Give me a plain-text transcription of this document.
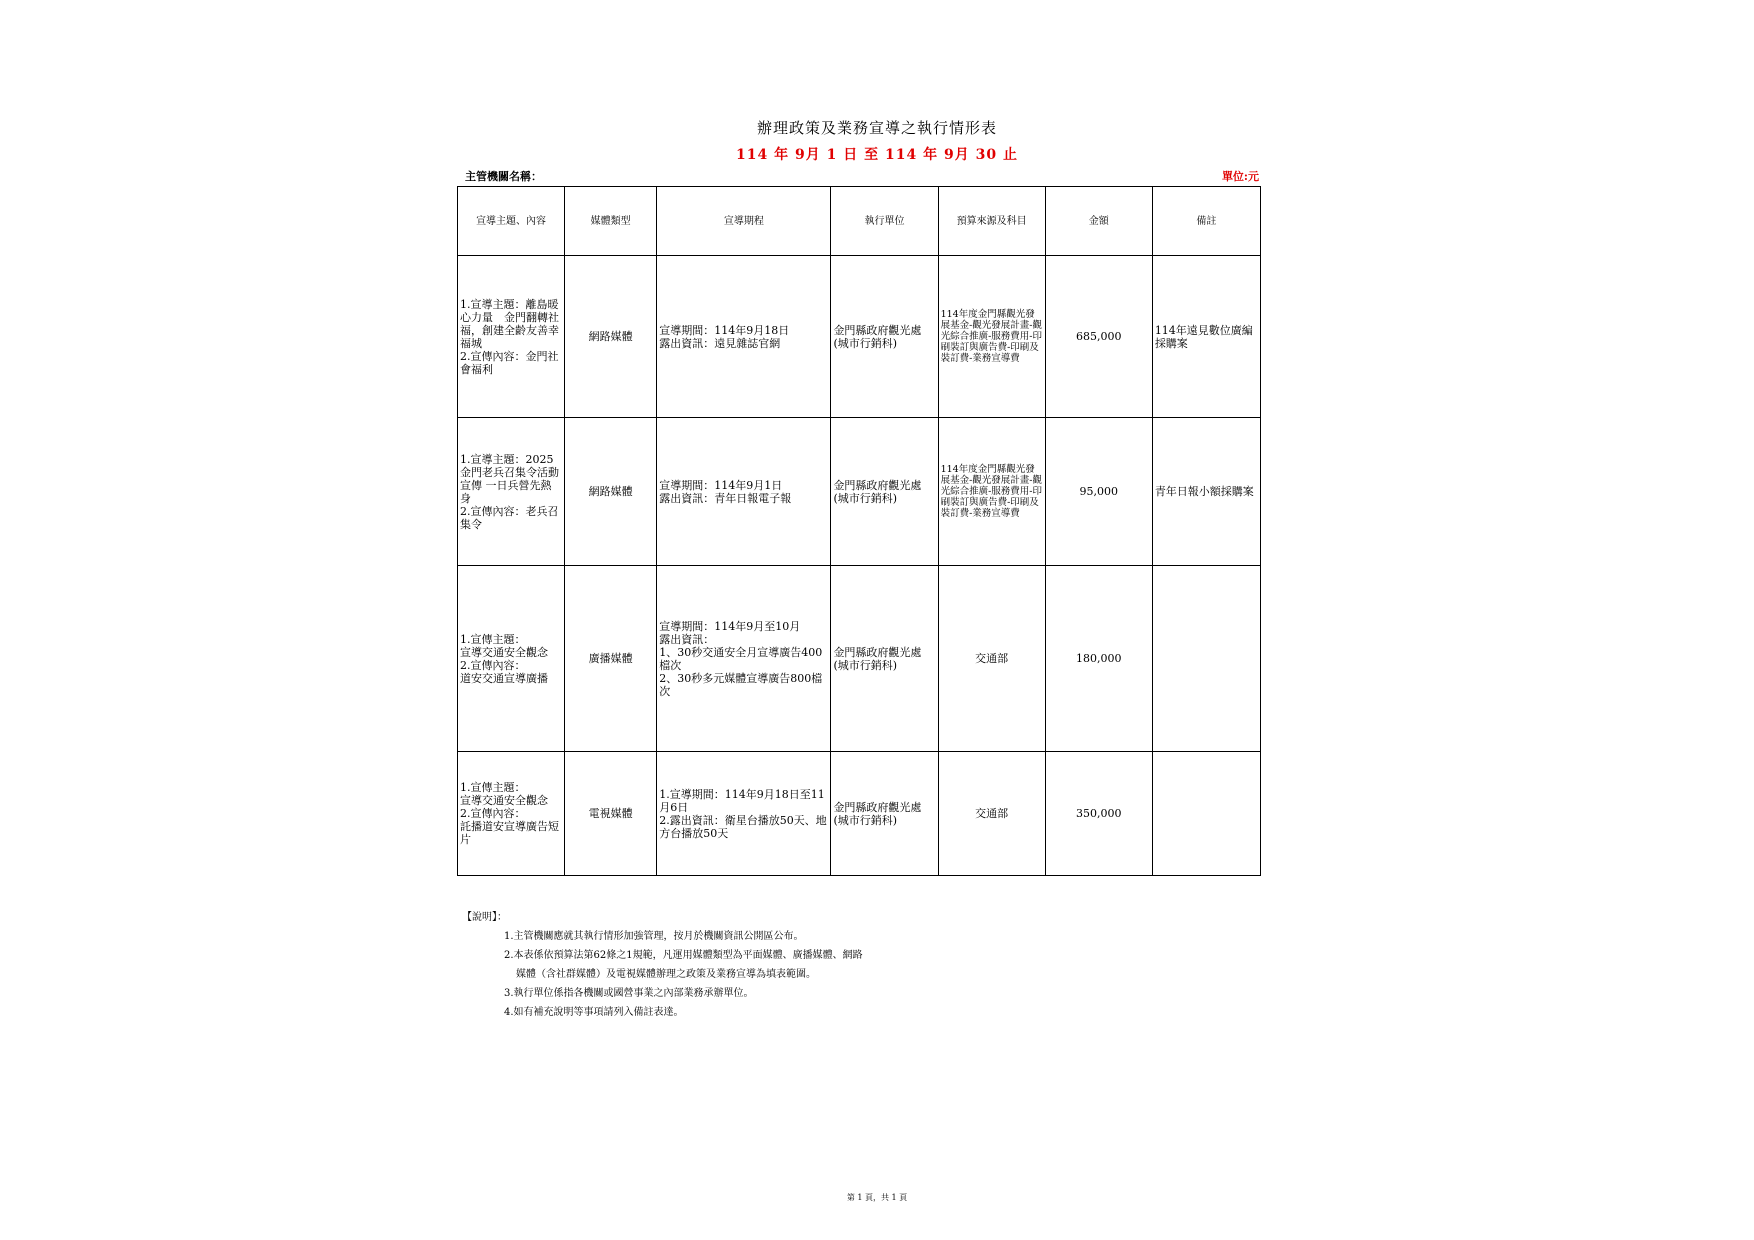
辦理政策及業務宣導之執行情形表
114 年 9月 1 日 至 114 年 9月 30 止
主管機關名稱：	單位:元
宣導主題、內容	媒體類型	宣導期程	執行單位	預算來源及科目	金額	備註
1.宣導主題：離島暖心力量　金門翻轉社福，創建全齡友善幸福城
2.宣傳內容：金門社會福利	網路媒體	宣導期間：114年9月18日
露出資訊：遠見雜誌官網	金門縣政府觀光處(城市行銷科)	114年度金門縣觀光發展基金-觀光發展計畫-觀光綜合推廣-服務費用-印刷裝訂與廣告費-印刷及裝訂費-業務宣導費	685,000	114年遠見數位廣編採購案
1.宣導主題：2025金門老兵召集令活動宣傳 一日兵營先熱身
2.宣傳內容：老兵召集令	網路媒體	宣導期間：114年9月1日
露出資訊：青年日報電子報	金門縣政府觀光處(城市行銷科)	114年度金門縣觀光發展基金-觀光發展計畫-觀光綜合推廣-服務費用-印刷裝訂與廣告費-印刷及裝訂費-業務宣導費	95,000	青年日報小額採購案
1.宣傳主題：
宣導交通安全觀念
2.宣傳內容：
道安交通宣導廣播	廣播媒體	宣導期間：114年9月至10月
露出資訊：
1、30秒交通安全月宣導廣告400檔次
2、30秒多元媒體宣導廣告800檔次	金門縣政府觀光處(城市行銷科)	交通部	180,000	
1.宣傳主題：
宣導交通安全觀念
2.宣傳內容：
託播道安宣導廣告短片	電視媒體	1.宣導期間：114年9月18日至11月6日
2.露出資訊：衛星台播放50天、地方台播放50天	金門縣政府觀光處(城市行銷科)	交通部	350,000	
【說明】：
1.主管機關應就其執行情形加強管理，按月於機關資訊公開區公布。
2.本表係依預算法第62條之1規範，凡運用媒體類型為平面媒體、廣播媒體、網路
媒體（含社群媒體）及電視媒體辦理之政策及業務宣導為填表範圍。
3.執行單位係指各機關或國營事業之內部業務承辦單位。
4.如有補充說明等事項請列入備註表達。
第 1 頁，共 1 頁
